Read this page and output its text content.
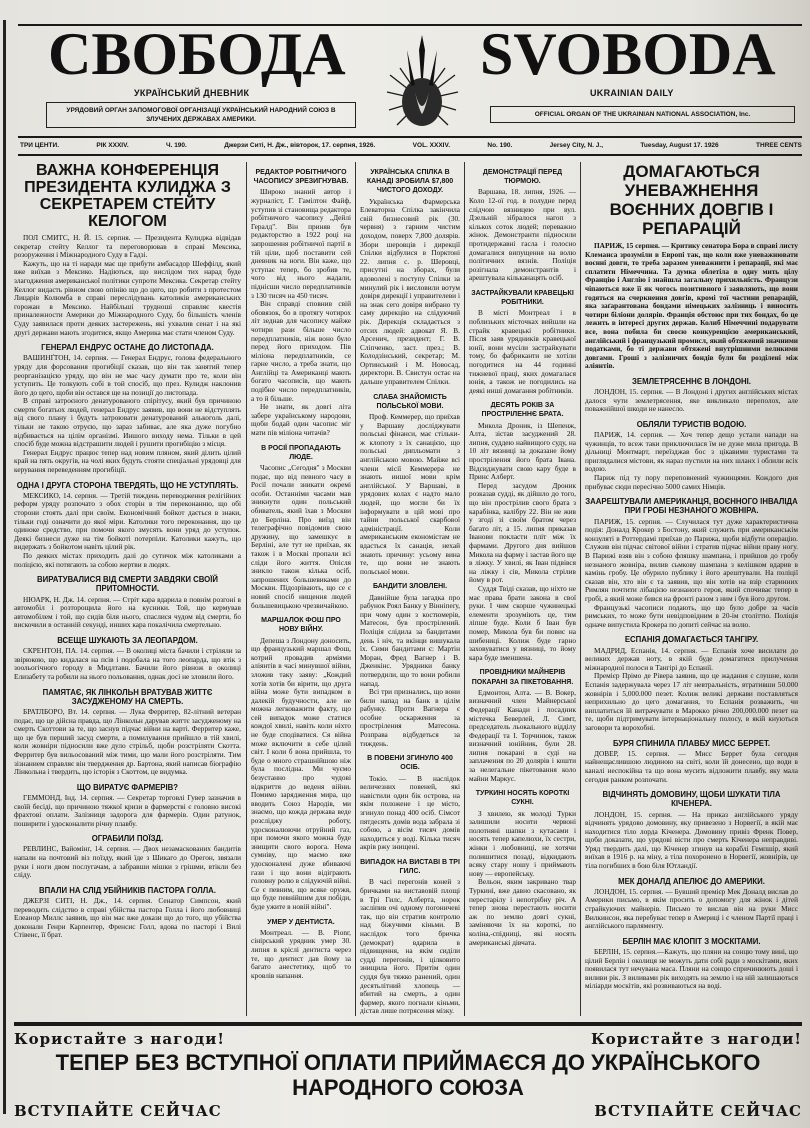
СВОБОДА SVOBODA
УКРАЇНСЬКИЙ ДНЕВНИК	UKRAINIAN DAILY
УРЯДОВИЙ ОРГАН ЗАПОМОГОВОЇ ОРГАНІЗАЦІЇ УКРАЇНСЬКИЙ НАРОДНИЙ СОЮЗ В ЗЛУЧЕНИХ ДЕРЖАВАХ АМЕРИКИ.
OFFICIAL ORGAN OF THE UKRAINIAN NATIONAL ASSOCIATION, Inc.
ТРИ ЦЕНТИ.	РІК XXXIV.	Ч. 190.	Джерзи Ситі, Н. Дж., вівторок, 17. серпня, 1926.	VOL. XXXIV.	No. 190.	Jersey City, N. J.,	Tuesday, August 17. 1926	THREE CENTS
ВАЖНА КОНФЕРЕНЦІЯ ПРЕЗИДЕНТА КУЛИДЖА З СЕКРЕТАРЕМ СТЕЙТУ КЕЛОГОМ

ПОЛ СМИТС, Н. Й. 15. серпня. — Президента Кулиджа відвідав секретар стейту Келлог та переговорював в справі Мексика, розоруження і Міжнародного Суду в Гадзі.

Кажуть, що на ті наради має ще прибути амбасадор Шеффілд, який вже виїхав з Мексико. Надіються, що вислідом тих нарад буде злагодження американської політики супроти Мексика. Секретар стейту Келлог видасть рівном свою опінію що до цего, що робити з протестом Лицарів Колюмба в справі переслідувань католиків американських горожан в Мексико. Найбільші трудноші справляє квестія приналежности Америки до Міжнародного Суду, бо більшість членів Суду заявилася проти деяких застережень, які ухвалив сенат і на які другі держави мають згодитися, якщо Америка має стати членом Суду.

ГЕНЕРАЛ ЕНДРУС ОСТАНЕ ДО ЛИСТОПАДА.

ВАШИНҐТОН, 14. серпня. — Генерал Ендрус, голова федерального уряду для форсовання прогибіції сказав, що він так занятий тепер реорганізацією уряду, що він не має часу думати про те, коли він уступить. Це толкують собі в той спосіб, що през. Кулидж наклонив його до цего, щоби він остався ще на позиції до листопада.

В справі затроєного денатурованого спірітусу, який був причиною смерти богатьох людей, генерал Ендрус заявив, що вони не відступлять від свого плану і будуть затроювати денатурований алькоголь далі, тільки не такою отруєю, що зараз забиває, але яка дуже погубно відбивається на цілім організмі. Иншого виходу нема. Тільки в цей спосіб буде можна відстрашити людей і рушити прогибіцію з місця.

Генерал Ендрус працює тепер над новим пляном, який ділить цілий край на пять округів, на чолі яких будуть стояти спеціальні урядовці для керування переведенням прогибіції.

ОДНА І ДРУГА СТОРОНА ТВЕРДЯТЬ, ЩО НЕ УСТУПЛЯТЬ.

МЕКСИКО, 14. серпня. — Третій тиждень переводження релігійних реформ уряду розпочато з обох сторін в тім переконанню, що обі сторони стоять далі при своїм. Економічний бойкот дається в знаки, тільки годі означити до якої міри. Католики того переконання, що це одиноке средство, при помочи якого змусять вони уряд до уступок. Деякі бизнеси дуже на тім бойкоті потерпіли. Католики кажуть, що видержать з бойкотом навіть цілий рік.

По деяких містах приходить далі до сутичок між католиками а поліцією, які потягають за собою жертви в людях.

ВИРАТУВАЛИСЯ ВІД СМЕРТИ ЗАВДЯКИ СВОЇЙ ПРИТОМНОСТИ.

НЮАРК, Н. Дж. 14. серпня. — Стріт кара вдарила в повнім розгоні в автомобіл і розторощила його на кусники. Той, що кермував автомобілем і той, що сидів біля нього, спаслися чудом від смерти, бо вискочили в останній секунді, инших кара покалічила смертельно.

ВСЕЩЕ ШУКАЮТЬ ЗА ЛЕОПАРДОМ.

СКРЕНТОН, ПА. 14. серпня. — В околиці міста бачили і стріляли за звірюкою, що кидалася на псів і подобала на того леопарда, що втік з зоольогічного городу в Мидлтавн. Бачили його рівнож в околиці Елизабету та робили на нього польовання, однак досі не зловили його.

ПАМЯТАЄ, ЯК ЛІНКОЛЬН ВРАТУВАВ ЖИТТЄ ЗАСУДЖЕНОМУ НА СМЕРТЬ.

БРАТЛБОРО, Вт. 14. серпня. — Лука Ферритер, 82-літний ветеран подає, що це дійсна правда, що Лінкольн дарував життє засудженому на смерть Скоттови за те, що заснув підчас війни на варті. Ферритер каже, що це був перший засуд смерти, а помилування прийшло в тій хвилі, коли жовніри підносили вже дуло стрільб, щоби розстріляти Скотта. Ферритер був вильосований між тими, що мали його розстріляти. Тим зізнанием справляє він твердження др. Бартона, який написав біографію Лінкольна і твердить, що історія з Скоттом, це видумка.

ЩО ВИРАТУЄ ФАРМЕРІВ?

ГЕММОНД, Інд. 14. серпня. — Секретар торговлі Гувер зазначив в своїй бесіді, що причиною тяжкої кризи в фармерстві є головно високі фрахтові оплати. Залізниця задорога для фармерів. Один ратунок, поширити і удосконалити річну плавбу.

ОГРАБИЛИ ПОЇЗД.

РЕВЛИНС, Вайомінґ, 14. серпня. — Двох незамаскованих бандитів напали на почтовий віз поїзду, який їде з Шикаго до Орегон, звязали руки і ноги двом послугачам, а забравши мішки з грішми, втікли без сліду.

ВПАЛИ НА СЛІД УБІЙНИКІВ ПАСТОРА ГОЛЛА.

ДЖЕРЗІ СИТІ, Н. Дж., 14. серпня. Сенатор Симпсон, який переводить слідство в справі убійства пастора Голла і його любовниці Елеанор Миллс заявив, що він має вже докази що до того, що убійства доконали Генри Карпентер, Френсис Голл, вдова по пасторі і Вилі Стівенс, її брат.

РЕДАКТОР РОБІТНИЧОГО ЧАСОПИСУ ЗРЕЗИГНУВАВ.

Широко знаний автор і журналіст, Г. Гамілтон Файф, уступив зі становища редактора робітничого часопису „Дейлі Гералд". Він приняв був редакторство в 1922 році на запрошення робітничої партії в тій ціли, щоб поставити сей дневник на ноги. Він каже, що уступає тепер, бо зробив те, чого від нього жадали, піднісши число передплатників з 130 тисяч на 450 тисяч.

Він справді сповнив свій обовязок, бо в протягу чотирох літ зеднав для часопису майже чотири рази більше число передплатників, ніж воно було перед його приходом. Пів міліона передплатників, се гарне число, а треба знати, що Англійці та Американці мають богато часописів, що мають подібне число передплатників, а то й більше.

Не знати, як довгі літа забере українському народови, щоби бодай один часопис міг мати пів міліона читачів?

В РОСІЇ ПРОПАДАЮТЬ ЛЮДЕ.

Часопис „Сегодня" з Москви подає, що від певного часу в Росії почали зникати окремі особи. Останніми часами мав зникнути один польський обиватель, який їхав з Москви до Берліна. Про виїзд він телеграфічно повідомив свою дружину, що замешкує в Берліні, але тут не приїхав, як також і в Москві пропали всі сліди його життя. Опісля зникло також кілька осіб, запрошених большевиками до Москви. Підозрівають, що се є новий спосіб нищення людей большевицькою чрезвичайкою.

МАРШАЛОК ФОШ ПРО НОВУ ВІЙНУ.

Депеша з Лондону доносить, що французький маршал Фош, котрий провадив арміями аліянтів в часі минувшої війни, зложив таку заяву: „Кождий хотів хотів би вірити, що друга війна може бути випадком в далекій будучности, але не можна легковажити факту, що сей випадок може статися кождої хвилі, навіть коли ніхто не буде сподіватися. Ся війна може включити в себе цілий світ. І коли б вона прийшла, то буде о много страшнійшою ніж була послідна. Ми чуємо безустанно про чудові відкриття до веденя війни. Помимо зарядження мира, що вводить Союз Народів, ми знаємо, що кожда держава веде розсліджу роботу, удосконалюючи отруйний газ, при помочи якого можна буде знищити свого ворога. Нема сумніву, що маємо вже удосконалені дуже вбиваючі гази і що вони відіграють головну ролю в слідуючій війні. Се є певним, що всяке оружя, що буде певнійшим для побіди, буде ужите в новій війні".

УМЕР У ДЕНТИСТА.

Монтреал. — В. Рionг, сінірський урядник умер 30. липня в кріслі дентиста через те, що дентист дав йому за багато анестетику, щоб то кровлів напання.

УКРАЇНСЬКА СПІЛКА В КАНАДІ ЗРОБИЛА $7,800 ЧИСТОГО ДОХОДУ.

Українська Фармерська Елеваторна Спілка закінчила свій бизнесовий рік (30. червня) з гарним чистим доходом, поверх 7,800 долярів. Збори шеровців і дирекції Спілки відбулися в Порктоні 22. липня с. р. Шеровці, присутні на зборах, були вдоволені з поступу Спілки за минулий рік і висловили вотум довіря дирекції і управителеви і на знак сего довіря вибрано ту саму дирекцію на слідуючий рік. Дирекція складається з отсих людей: адвокат Я. В. Арсенич, президент; Г. В. Сліпченко, заст. през.; В. Колодзінський, секретар; М. Ортинський і М. Новосад, директори. В. Свистун остає на дальше управителем Спілки.

СЛАБА ЗНАЙОМІСТЬ ПОЛЬСЬКОЇ МОВИ.

Проф. Кеммерер, що приїхав у Варшаву досліджувати польські фінанси, має стільки-ж клопоту з їх санацією, що польські дипльомати з англійською мовою. Майже всі члени місії Кеммерера не знають иншої мови крім англійської. У Варшаві, в урядових колах є надто мало людей, що могли би їх інформувати в цій мові про тайни польської скарбової адміністрації. Коли американським економістам не вдасться їх санація, нехай знають причину: усьому вина те, що вони не знають польської мови.

БАНДИТИ ЗЛОВЛЕНІ.

Давнійше була загадка про рабунок Роял Банку у Вінніпеґу, при чому один з костюмерів, Матесон, був прострілений. Поліція слідила за бандитами день і ніч, та вкінци вишукала їх. Сими бандитами є: Мартін Моран, Фред Вагнер і В. Дженкінс. Урядники банку потвердили, що то вони робили напад.

Всі три признались, що вони били напад на банк в цілім рабунку. Проти Вагнера є особне оскарження за простріления Матесона. Розправа відбудеться за тиждень.

В ПОВЕНИ ЗГИНУЛО 400 ОСІБ.

Токіо. — В наслідок величезних повеней, які навістили один бік острова, на якім положене і це місто, згинуло понад 400 осіб. Сімсот пятдесять домів вода забрала зі собою, а вісім тисяч домів находиться у воді. Кілька тисяч акрів ржу знищені.

ВИПАДОК НА ВИСТАВІ В ТРІ ГИЛС.

В часі перегонів коней з бричками на виставовій площі в Трі Гилс, Алберта, норок засліпив очі одному погоничеві так, що він стратив контролю над біжучими кіньми. В наслідок того бричка (демократ) вдарила в підвищення, на якім сиділи судді перегонів, і цілковито знищила його. Притім один суддя був тяжко ранений, один десятьлітний хлопець — вбитий на смерть, а один фармер, якого погнали кіньми, дістав лише потрясення мізку.

ДЕМОНСТРАЦІЇ ПЕРЕД ТЮРМОЮ.

Варшава, 18. липня, 1926. — Коло 12-ої год. в полудне перед слідчою вязницею при вул. Дзельній зібралося нагоп з кількох соток людей; переважно жінок. Демонстранти підносили протидержавні гасла і голосно домагалися випущення на волю політичних вязнів. Поліція розігнала демонстрантів і арештувала кільканацять осіб.

ЗАСТРАЙКУВАЛИ КРАВЕЦЬКІ РОБІТНИКИ.

В місті Монтреал і в поблизьких місточках вийшли на страйк кравецькі робітники. Після заяв урядників кравецької юнії, вони мусіли застрайкувати тому, бо фабриканти не хотіли погодитися на 44 годинні тижневої праці, яких домагалася юнія, а також не погодились на деякі инші домагання робітників.

ДЕСЯТЬ РОКІВ ЗА ПРОСТРІЛЕННЄ БРАТА.

Микола Дроник, із Шепенж, Алта, зістав засуджений 28. липня, суддею найвищого суду, на 10 літ вязниці за доказане йому прострілення його брата Івана. Відсиджувати свою кару буде в Принс Алберт.

Перед засудом Дроник розказав судді, як дійшло до того, що він прострілив свого брата з карабінка, калібру 22. Він не жив у згоді зі своїм братом через багато літ, а 15. липня приказав Іванови покласти пліт між їх фармами. Другого дня вийшов Микола на фарму і застав його ще в ліжку. У хвилі, як Іван підвівся на ліжку і сів, Микола стрілив йому в рот.

Суддя Твіді сказав, що ніхто не має права брати закона в свої руки. І чим скорше чужинецькі елементи зрозуміють це, тим ліпше буде. Коли б Іван був помер, Микола був би повис на шибениці. Колиж буде гарно заховуватися у вязниці, то йому кара буде зменшена.

ПРОВІДНИКИ МАЙНЕРІВ ПОКАРАНІ ЗА ПІКЕТОВАННЯ.

Едмонтон, Алта. — В. Вокер, визначний член Майнерської Федерації Канади і посадник містечка Беверлей, Л. Симт, председатель льокального відділу Федерації та І. Торчинюк, також визначний юнійник, були 28. липня покарані в суді на заплачення по 20 долярів і кошти за нелегальне пікетовання коло майни Маркус.

ТУРКИНІ НОСЯТЬ КОРОТКІ СУКНІ.

З хвилею, як молоді Турки залишили носити червоні полотняні шапки з кутасами і носять тепер капелюхи, їх сестри, жінки і любовниці, не хотячи полишитися позаді, відкидають всяку стару ношу і приймають нову — европейську.

Вельон, яким закривано твар Туркині, вже давно скасовано, як перестарілу і непотрібну річ. А тепер знова перестають носити аж по землю довгі сукні, заміняючи їх на короткі, по коліна,-спідниці, які носять американські дівчата.

ДОМАГАЮТЬСЯ УНЕВАЖНЕННЯ ВОЄННИХ ДОВГІВ І РЕПАРАЦІЙ

ПАРИЖ, 15 серпня. — Критику сенатора Бора в справі листу Клеманса зрозуміли в Европі так, що коли вже уневажнювати воєнні довги, то треба заразом уневажнити і репарації, які має сплатити Німеччина. Та думка облетіла в одну мить цілу Францію і Англію і знайшла загальну прихильність. Французи чіпаються вже її як чогось позитивного і заявляють, що вони годяться на счеркнення довгів, кромі тої частини репарацій, яка заґарантована бондами німецьких залізниць і виносить чотири біліони долярів. Франція обстоює при тих бондах, бо це лежить в інтересі других держав. Колиб Німеччині подарувати все, вона побила би своєю конкуренцією американський, англійський і французький промисл, який обтяжений значними податками, бо ті держави обтяжені внутрішними великими довгами. Гроші з залізничих бондів були би розділені між аліянтів.

ЗЕМЛЕТРЯСЕННЄ В ЛОНДОНІ.

ЛОНДОН, 15. серпня. — В Лондоні і других англійських містах далося чути землетрясення, яке викликало переполох, але поважнійшої шкоди не нанесло.

ОБЛЯЛИ ТУРИСТІВ ВОДОЮ.

ПАРИЖ, 14. серпня. — Хоч тепер дещо устали напади на чужинців, то всеж таки приключилася їм не дуже мила пригода. В дільниці Монтмарт, переїзджав бос з цікавими туристами та приглядалися містови, як нараз пустили на них шланх і облили всіх водою.

Париж під ту пору переповнений чужинцями. Кождого дня прибуває сюди пересічно 5000 самих Німців.

ЗААРЕШТУВАЛИ АМЕРИКАНЦЯ, ВОЄННОГО ІНВАЛІДА ПРИ ГРОБІ НЕЗНАНОГО ЖОВНІРА.

ПАРИЖ, 15. серпня. — Случилася тут дуже характеристична подія: Доналд Крокер з Бостону, який служить при американськім конзуляті в Роттердамі приїхав до Парижа, щоби відбути операцію. Служив він підчас світової війни і стратив підчас війни праву ногу. В Парижі взяв він з собою фляшку шампана, і прийшов до гробу незнаного жовніра, вилив сьмкову шампана з келішком вдарив в камінь гробу. Це обурило публику і його арештували. На поліції сказав він, хто він є та заявив, що він хотів на взір старинних Римлян почтити лібацією незнаного героя, який спочиває тепер в гробі, а який може бився на фронті разом з ним і був його другом.

Французькі часописи подають, що що було добре за часів римських, то може бути невідповідним в 20-ім століттю. Поліція одначе випустила Крокера по допиті сейчас на волю.

ЕСПАНІЯ ДОМАГАЄТЬСЯ ТАНГІРУ.

МАДРИД, Еспанія, 14. серпня. — Еспанія хоче висилати до великих держав ноту, в якій буде домагатися прилучення міжнародної полоси в Тангірі до Еспанії.

Премієр Прімо де Рівера заявив, що це жадання є слушне, коли Еспанія задержувала через 17 літ невтральність, втративши 50.000 жовнірів і 5,000.000 пезет. Колиж великі держави поставляться неприхильно до цего домагання, то Еспанія розважить, чи виплатиться їй витрачувати в Мароккo річно 200,000.000 пезет на те, щоби підтримувати інтернаціональну полосу, в якій кнуються заговори та ворохобні.

БУРЯ СПИНИЛА ПЛАВБУ МИСС БЕРРЕТ.

ДОВЕР, 15. серпня. — Мисс Беррет була сегодня найнещаслившою людиною на світі, коли їй донесено, що води в каналі неспокійна та що вона мусить відложити плавбу, яку мала сегодня ранком розпочати.

ВІДЧИНЯТЬ ДОМОВИНУ, ЩОБИ ШУКАТИ ТІЛА КІЧЕНЕРА.

ЛОНДОН, 15. серпня. — На приказ англійського уряду відчинять урядово домовину, яку привезено з Норвегії, в якій має находитися тіло лорда Кіченера. Домовину привіз Френк Повер, щоби доказати, що урядові вісти про смерть Кіченера неправдиві. Уряд твердить далі, що Кіченер згинув на кораблі Гемпшір, який виїхав в 1916 р. на міну, а тіла похоронено в Норвегії, жовнірів, це тіла погибших в бою біля Ютландії.

МЕК ДОНАЛД АПЕЛЮЄ ДО АМЕРИКИ.

ЛОНДОН, 15. серпня. — Бувший премієр Мек Доналд вислав до Америки письмо, в якім просить о допомогу для жінок і дітей страйкуючих майнерів. Письмо те вислав він на руки Мисс Вилкинсон, яка перебуває тепер в Америці і є членом Партії праці і англійського парляменту.

БЕРЛІН МАЄ КЛОПІТ З МОСКІТАМИ.

БЕРЛІН, 15. серпня.—Кажуть, що пляни на сонцю тому вині, що цілий Берлін і околиця не можуть дати собі ради з москітами, яких появилася тут нечувана маса. Пляни на сонцю спричинюють доші і виливи рік. З виливами рік виходять на землю і на ній залишаються міліарди москітів, які розвиваються на воді.

Користайте з нагоди!	Користайте з нагоди!
ТЕПЕР БЕЗ ВСТУПНОЇ ОПЛАТИ ПРИЙМАЄСЯ ДО УКРАЇНСЬКОГО НАРОДНОГО СОЮЗА
ВСТУПАЙТЕ СЕЙЧАС	ВСТУПАЙТЕ СЕЙЧАС
